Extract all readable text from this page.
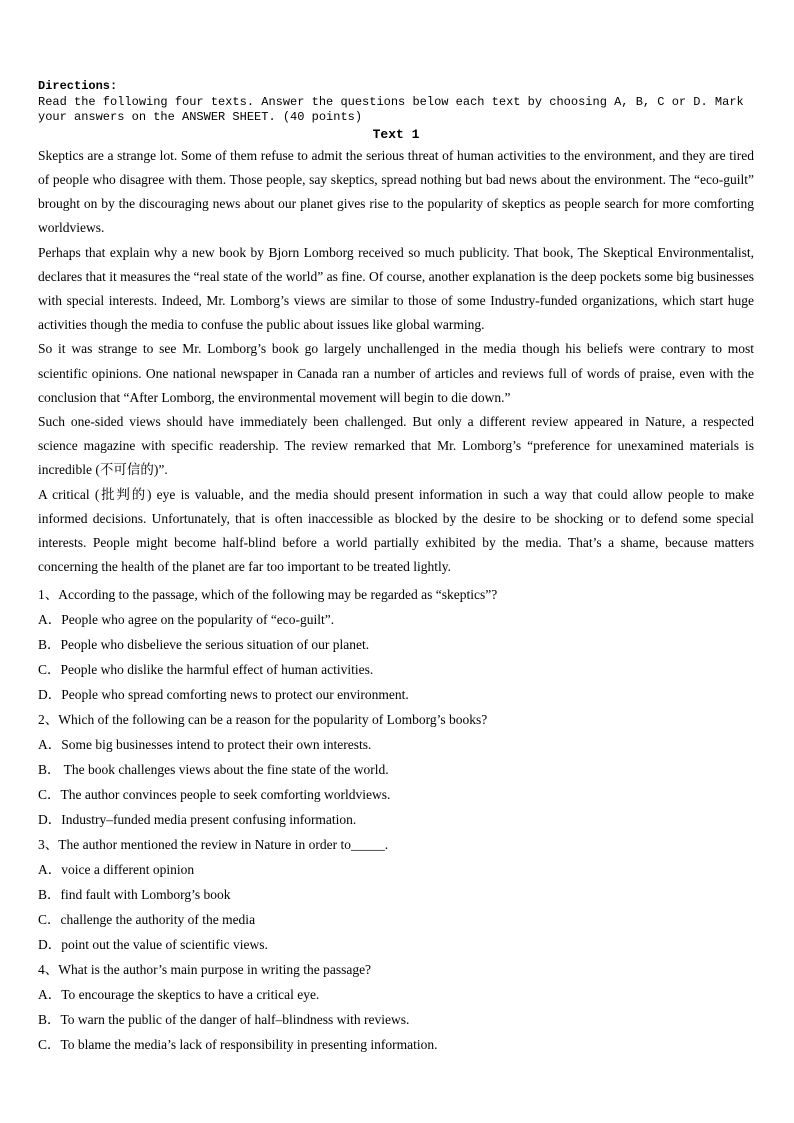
Directions:
Read the following four texts. Answer the questions below each text by choosing A, B, C or D. Mark
your answers on the ANSWER SHEET. (40 points)
Text 1

Skeptics are a strange lot. Some of them refuse to admit the serious threat of human activities to the environment, and they are tired of people who disagree with them. Those people, say skeptics, spread nothing but bad news about the environment. The “eco-guilt” brought on by the discouraging news about our planet gives rise to the popularity of skeptics as people search for more comforting worldviews.

Perhaps that explain why a new book by Bjorn Lomborg received so much publicity. That book, The Skeptical Environmentalist, declares that it measures the “real state of the world” as fine. Of course, another explanation is the deep pockets some big businesses with special interests. Indeed, Mr. Lomborg’s views are similar to those of some Industry-funded organizations, which start huge activities though the media to confuse the public about issues like global warming.

So it was strange to see Mr. Lomborg’s book go largely unchallenged in the media though his beliefs were contrary to most scientific opinions. One national newspaper in Canada ran a number of articles and reviews full of words of praise, even with the conclusion that “After Lomborg, the environmental movement will begin to die down.”

Such one-sided views should have immediately been challenged. But only a different review appeared in Nature, a respected science magazine with specific readership. The review remarked that Mr. Lomborg’s “preference for unexamined materials is incredible (不可信的)”.

A critical (批判的) eye is valuable, and the media should present information in such a way that could allow people to make informed decisions. Unfortunately, that is often inaccessible as blocked by the desire to be shocking or to defend some special interests. People might become half-blind before a world partially exhibited by the media. That’s a shame, because matters concerning the health of the planet are far too important to be treated lightly.

1、According to the passage, which of the following may be regarded as “skeptics”?
A．People who agree on the popularity of “eco-guilt”.
B．People who disbelieve the serious situation of our planet.
C．People who dislike the harmful effect of human activities.
D．People who spread comforting news to protect our environment.
2、Which of the following can be a reason for the popularity of Lomborg’s books?
A．Some big businesses intend to protect their own interests.
B． The book challenges views about the fine state of the world.
C．The author convinces people to seek comforting worldviews.
D．Industry–funded media present confusing information.
3、The author mentioned the review in Nature in order to_____.
A．voice a different opinion
B．find fault with Lomborg’s book
C．challenge the authority of the media
D．point out the value of scientific views.
4、What is the author’s main purpose in writing the passage?
A．To encourage the skeptics to have a critical eye.
B．To warn the public of the danger of half–blindness with reviews.
C．To blame the media’s lack of responsibility in presenting information.
